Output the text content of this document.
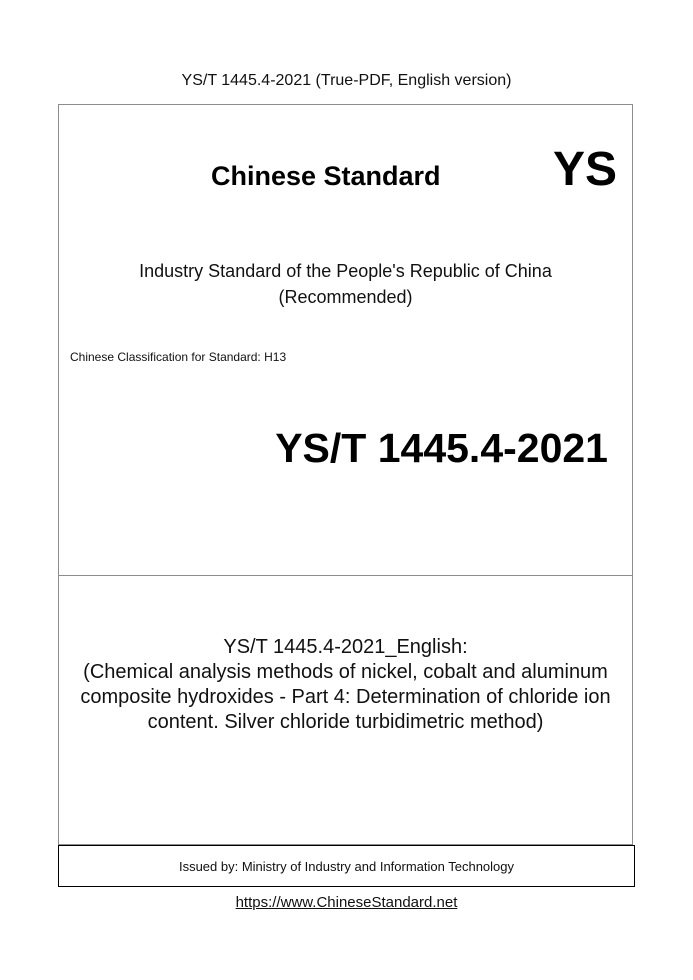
YS/T 1445.4-2021 (True-PDF, English version)
Chinese Standard YS
Industry Standard of the People's Republic of China
(Recommended)
Chinese Classification for Standard: H13
YS/T 1445.4-2021
YS/T 1445.4-2021_English:
(Chemical analysis methods of nickel, cobalt and aluminum
composite hydroxides - Part 4: Determination of chloride ion
content. Silver chloride turbidimetric method)
Issued by: Ministry of Industry and Information Technology
https://www.ChineseStandard.net
